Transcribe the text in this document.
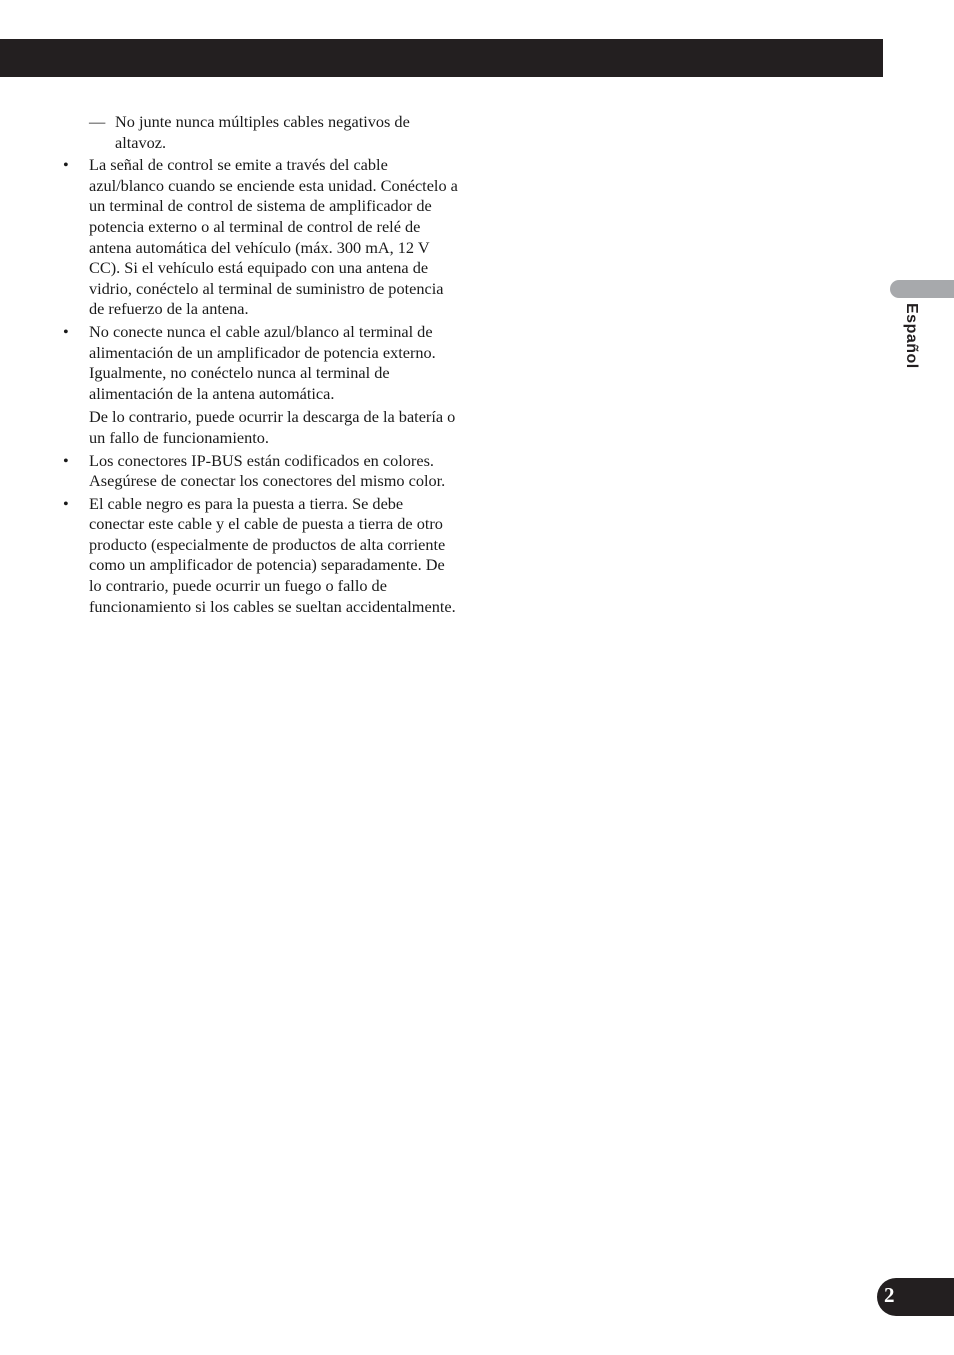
— No junte nunca múltiples cables negativos de altavoz.
• La señal de control se emite a través del cable azul/blanco cuando se enciende esta unidad. Conéctelo a un terminal de control de sistema de amplificador de potencia externo o al terminal de control de relé de antena automática del vehículo (máx. 300 mA, 12 V CC). Si el vehículo está equipado con una antena de vidrio, conéctelo al terminal de suministro de potencia de refuerzo de la antena.

• No conecte nunca el cable azul/blanco al terminal de alimentación de un amplificador de potencia externo. Igualmente, no conéctelo nunca al terminal de alimentación de la antena automática.

De lo contrario, puede ocurrir la descarga de la batería o un fallo de funcionamiento.

• Los conectores IP-BUS están codificados en colores. Asegúrese de conectar los conectores del mismo color.

• El cable negro es para la puesta a tierra. Se debe conectar este cable y el cable de puesta a tierra de otro producto (especialmente de productos de alta corriente como un amplificador de potencia) separadamente. De lo contrario, puede ocurrir un fuego o fallo de funcionamiento si los cables se sueltan accidentalmente.

Español
2
